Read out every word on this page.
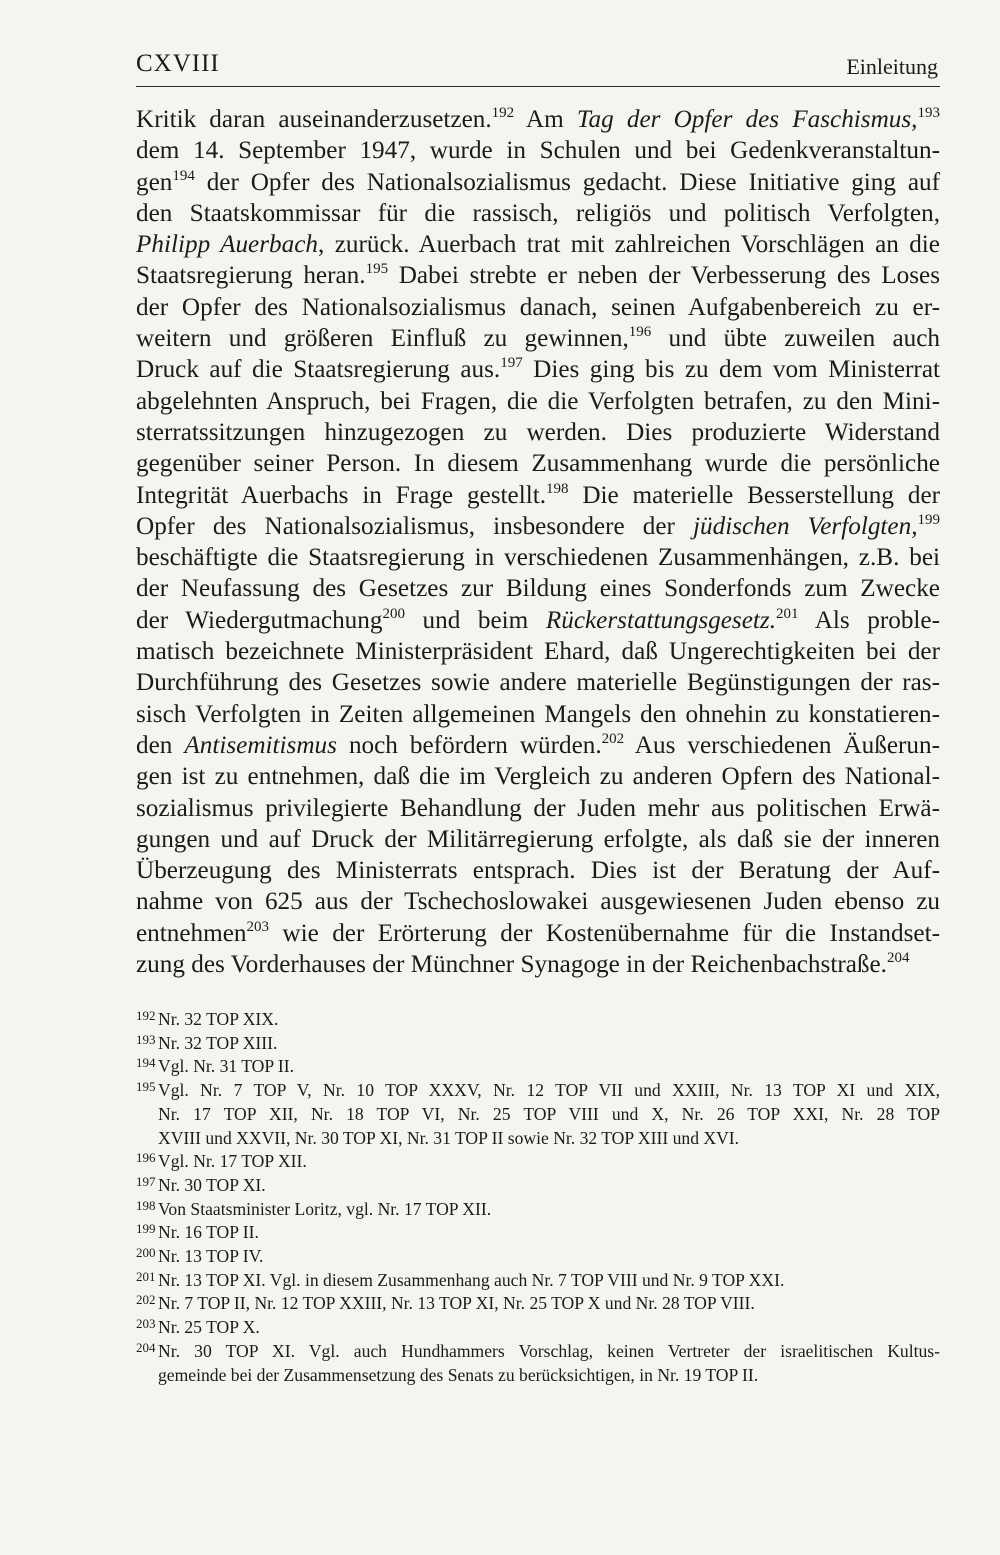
CXVIII	Einleitung
Kritik daran auseinanderzusetzen.$^{192}$ Am Tag der Opfer des Faschismus,$^{193}$
dem 14. September 1947, wurde in Schulen und bei Gedenkveranstaltun-
gen$^{194}$ der Opfer des Nationalsozialismus gedacht. Diese Initiative ging auf
den Staatskommissar für die rassisch, religiös und politisch Verfolgten,
Philipp Auerbach, zurück. Auerbach trat mit zahlreichen Vorschlägen an die
Staatsregierung heran.$^{195}$ Dabei strebte er neben der Verbesserung des Loses
der Opfer des Nationalsozialismus danach, seinen Aufgabenbereich zu er-
weitern und größeren Einfluß zu gewinnen,$^{196}$ und übte zuweilen auch
Druck auf die Staatsregierung aus.$^{197}$ Dies ging bis zu dem vom Ministerrat
abgelehnten Anspruch, bei Fragen, die die Verfolgten betrafen, zu den Mini-
sterratssitzungen hinzugezogen zu werden. Dies produzierte Widerstand
gegenüber seiner Person. In diesem Zusammenhang wurde die persönliche
Integrität Auerbachs in Frage gestellt.$^{198}$ Die materielle Besserstellung der
Opfer des Nationalsozialismus, insbesondere der jüdischen Verfolgten,$^{199}$
beschäftigte die Staatsregierung in verschiedenen Zusammenhängen, z.B. bei
der Neufassung des Gesetzes zur Bildung eines Sonderfonds zum Zwecke
der Wiedergutmachung$^{200}$ und beim Rückerstattungsgesetz.$^{201}$ Als proble-
matisch bezeichnete Ministerpräsident Ehard, daß Ungerechtigkeiten bei der
Durchführung des Gesetzes sowie andere materielle Begünstigungen der ras-
sisch Verfolgten in Zeiten allgemeinen Mangels den ohnehin zu konstatieren-
den Antisemitismus noch befördern würden.$^{202}$ Aus verschiedenen Äußerun-
gen ist zu entnehmen, daß die im Vergleich zu anderen Opfern des National-
sozialismus privilegierte Behandlung der Juden mehr aus politischen Erwä-
gungen und auf Druck der Militärregierung erfolgte, als daß sie der inneren
Überzeugung des Ministerrats entsprach. Dies ist der Beratung der Auf-
nahme von 625 aus der Tschechoslowakei ausgewiesenen Juden ebenso zu
entnehmen$^{203}$ wie der Erörterung der Kostenübernahme für die Instandset-
zung des Vorderhauses der Münchner Synagoge in der Reichenbachstraße.$^{204}$
192 Nr. 32 TOP XIX.
193 Nr. 32 TOP XIII.
194 Vgl. Nr. 31 TOP II.
195 Vgl. Nr. 7 TOP V, Nr. 10 TOP XXXV, Nr. 12 TOP VII und XXIII, Nr. 13 TOP XI und XIX,
Nr. 17 TOP XII, Nr. 18 TOP VI, Nr. 25 TOP VIII und X, Nr. 26 TOP XXI, Nr. 28 TOP
XVIII und XXVII, Nr. 30 TOP XI, Nr. 31 TOP II sowie Nr. 32 TOP XIII und XVI.
196 Vgl. Nr. 17 TOP XII.
197 Nr. 30 TOP XI.
198 Von Staatsminister Loritz, vgl. Nr. 17 TOP XII.
199 Nr. 16 TOP II.
200 Nr. 13 TOP IV.
201 Nr. 13 TOP XI. Vgl. in diesem Zusammenhang auch Nr. 7 TOP VIII und Nr. 9 TOP XXI.
202 Nr. 7 TOP II, Nr. 12 TOP XXIII, Nr. 13 TOP XI, Nr. 25 TOP X und Nr. 28 TOP VIII.
203 Nr. 25 TOP X.
204 Nr. 30 TOP XI. Vgl. auch Hundhammers Vorschlag, keinen Vertreter der israelitischen Kultus-
gemeinde bei der Zusammensetzung des Senats zu berücksichtigen, in Nr. 19 TOP II.
